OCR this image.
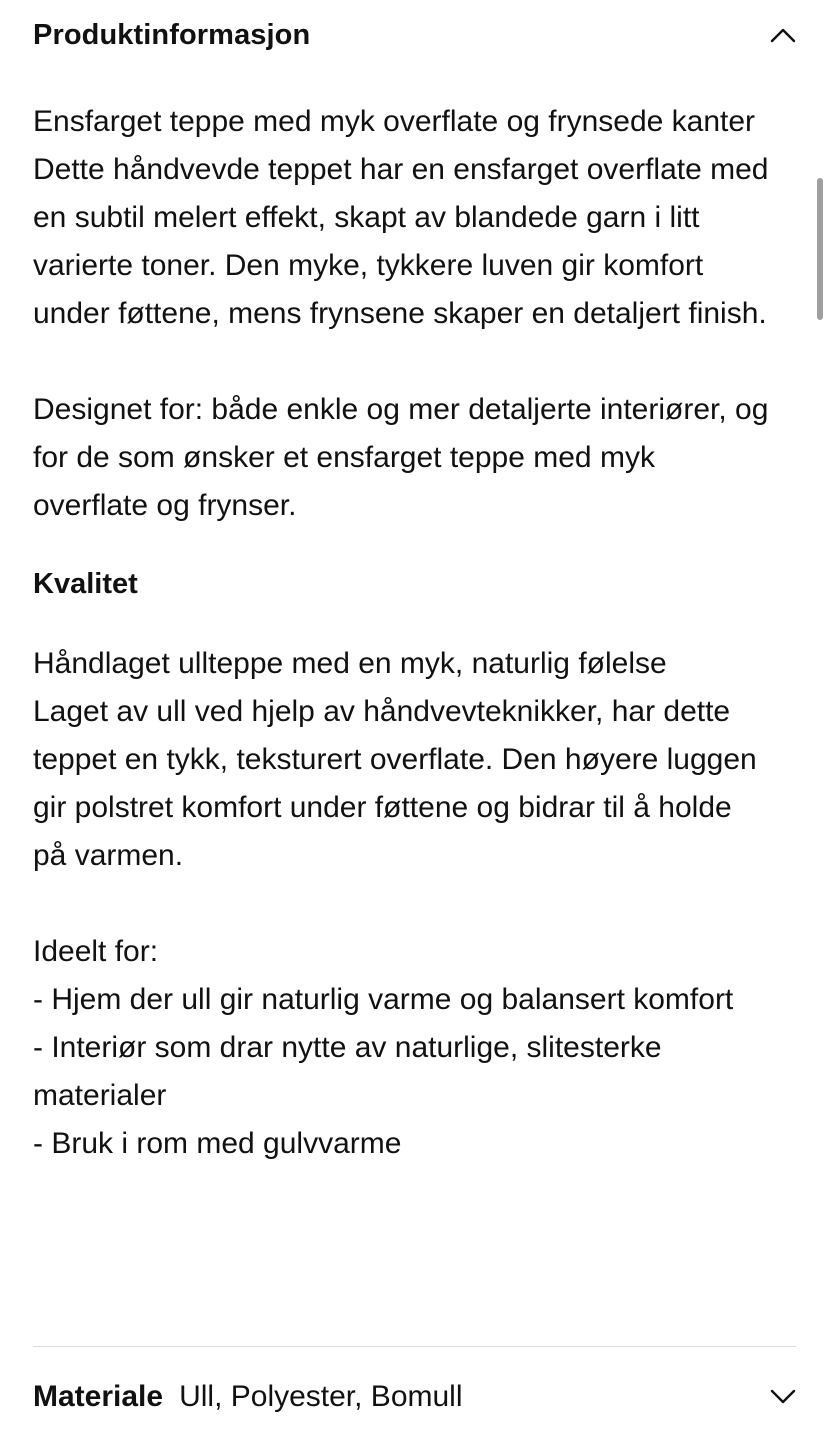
Produktinformasjon

Ensfarget teppe med myk overflate og frynsede kanter

Dette håndvevde teppet har en ensfarget overflate med en subtil melert effekt, skapt av blandede garn i litt varierte toner. Den myke, tykkere luven gir komfort under føttene, mens frynsene skaper en detaljert finish.

Designet for: både enkle og mer detaljerte interiører, og for de som ønsker et ensfarget teppe med myk overflate og frynser.

Kvalitet

Håndlaget ullteppe med en myk, naturlig følelse

Laget av ull ved hjelp av håndvevteknikker, har dette teppet en tykk, teksturert overflate. Den høyere luggen gir polstret komfort under føttene og bidrar til å holde på varmen.

Ideelt for:

- Hjem der ull gir naturlig varme og balansert komfort
- Interiør som drar nytte av naturlige, slitesterke materialer
- Bruk i rom med gulvvarme
Materiale Ull, Polyester, Bomull
